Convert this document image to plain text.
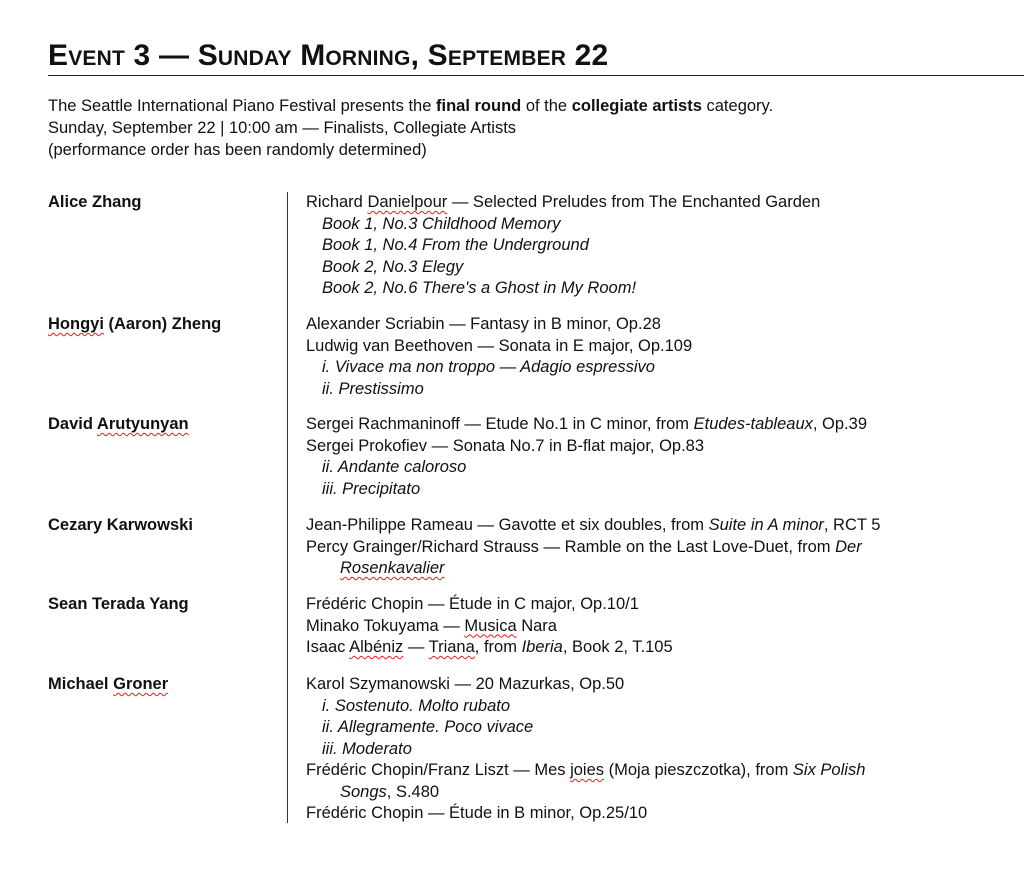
Event 3 — Sunday Morning, September 22
The Seattle International Piano Festival presents the final round of the collegiate artists category.
Sunday, September 22 | 10:00 am — Finalists, Collegiate Artists
(performance order has been randomly determined)
Alice Zhang	Richard Danielpour — Selected Preludes from The Enchanted Garden
Book 1, No.3 Childhood Memory
Book 1, No.4 From the Underground
Book 2, No.3 Elegy
Book 2, No.6 There's a Ghost in My Room!
Hongyi (Aaron) Zheng	Alexander Scriabin — Fantasy in B minor, Op.28
Ludwig van Beethoven — Sonata in E major, Op.109
i. Vivace ma non troppo — Adagio espressivo
ii. Prestissimo
David Arutyunyan	Sergei Rachmaninoff — Etude No.1 in C minor, from Etudes-tableaux, Op.39
Sergei Prokofiev — Sonata No.7 in B-flat major, Op.83
ii. Andante caloroso
iii. Precipitato
Cezary Karwowski	Jean-Philippe Rameau — Gavotte et six doubles, from Suite in A minor, RCT 5
Percy Grainger/Richard Strauss — Ramble on the Last Love-Duet, from Der
Rosenkavalier
Sean Terada Yang	Frédéric Chopin — Étude in C major, Op.10/1
Minako Tokuyama — Musica Nara
Isaac Albéniz — Triana, from Iberia, Book 2, T.105
Michael Groner	Karol Szymanowski — 20 Mazurkas, Op.50
i. Sostenuto. Molto rubato
ii. Allegramente. Poco vivace
iii. Moderato
Frédéric Chopin/Franz Liszt — Mes joies (Moja pieszczotka), from Six Polish
Songs, S.480
Frédéric Chopin — Étude in B minor, Op.25/10
